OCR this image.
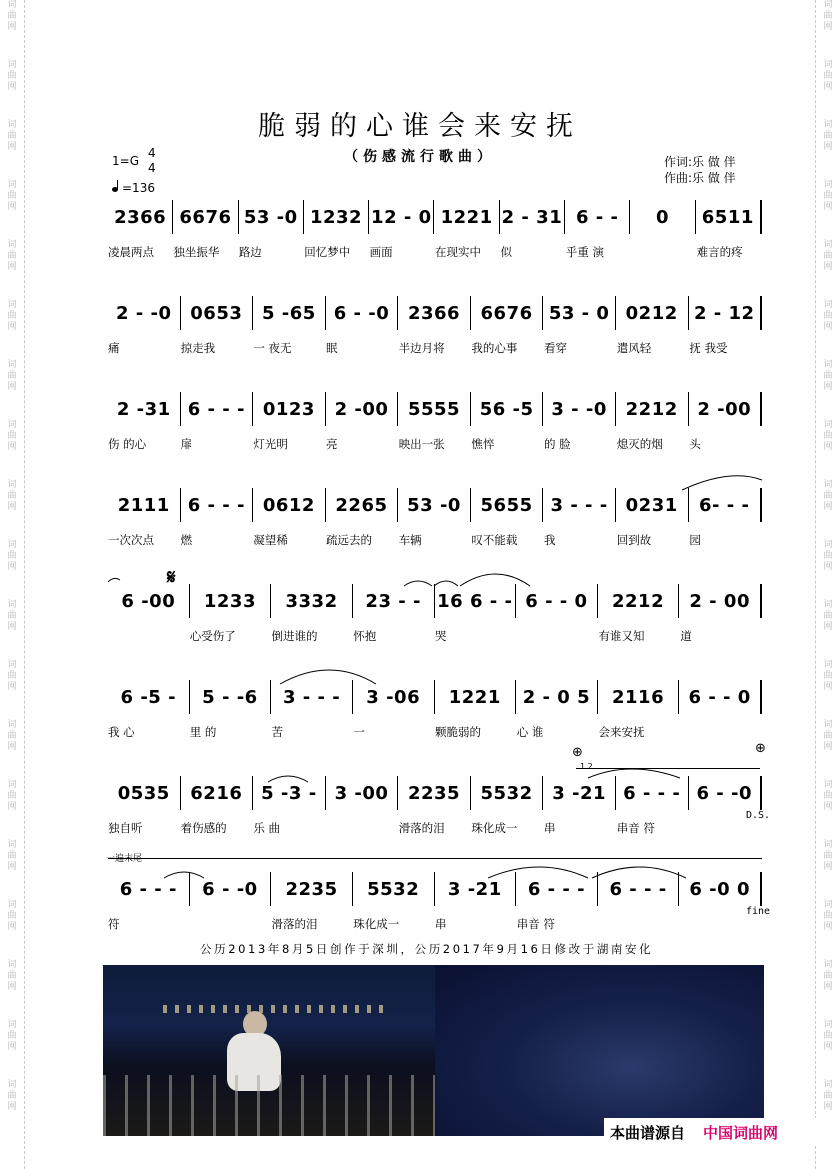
词
曲
网
词
曲
网
词
曲
网
词
曲
网
词
曲
网
词
曲
网
词
曲
网
词
曲
网
词
曲
网
词
曲
网
词
曲
网
词
曲
网
词
曲
网
词
曲
网
词
曲
网
词
曲
网
词
曲
网
词
曲
网
词
曲
网
词
曲
网
词
曲
网
词
曲
网
词
曲
网
词
曲
网
词
曲
网
词
曲
网
词
曲
网
词
曲
网
词
曲
网
词
曲
网
词
曲
网
词
曲
网
词
曲
网
词
曲
网
词
曲
网
词
曲
网
词
曲
网
词
曲
网
脆弱的心谁会来安抚
（伤感流行歌曲）
1=G
4
4
=136
作词:乐 做 伴
作曲:乐 做 伴
2366 6676 53 -0 1232 12 - 0 1221 2 - 31 6 - -	0	6511
凌晨两点	独坐振华	路边	回忆梦中	画面	在现实中	似	乎重 演	难言的疼
2 - -0	0653	5 -65 6 - -0	2366	6676 53 - 0 0212 2 - 12
痛	掠走我	一 夜无	眠	半边月将	我的心事	看穿	遣风轻	抚 我受
2 -31 6 - - - 0123	2 -00	5555	56 -5 3 - -0	2212	2 -00
伤 的心	扉	灯光明	亮	映出一张	憔悴	的 脸	熄灭的烟	头
2111 6 - - - 0612	2265	53 -0	5655 3 - - - 0231	6- - -
一次次点	燃	凝望稀	疏远去的	车辆	叹不能载	我	回到故	园
6 -00	1233	3332	23 - - 16 6 - - 6 - - 0	2212	2 - 00
心受伤了	倒进谁的	怀抱	哭	有谁又知	道
6 -5 -	5 - -6	3 - - -	3 -06	1221	2 - 0 5	2116	6 - - 0
我 心	里 的	苦	一	颗脆弱的	心 谁	会来安抚
0535	6216	5 -3 - 3 -00	2235	5532	3 -21 6 - - - 6 - -0
独自听	着伤感的	乐 曲	滑落的泪	珠化成一	串	串音 符
6 - - -	6 - -0	2235	5532	3 -21	6 - - -	6 - - -	6 -0 0
符	滑落的泪	珠化成一	串	串音 符
𝄋
⊕	⊕
1.2.
D.S.
一遍末尾
fine
公历2013年8月5日创作于深圳，公历2017年9月16日修改于湖南安化
本曲谱源自 中国词曲网
